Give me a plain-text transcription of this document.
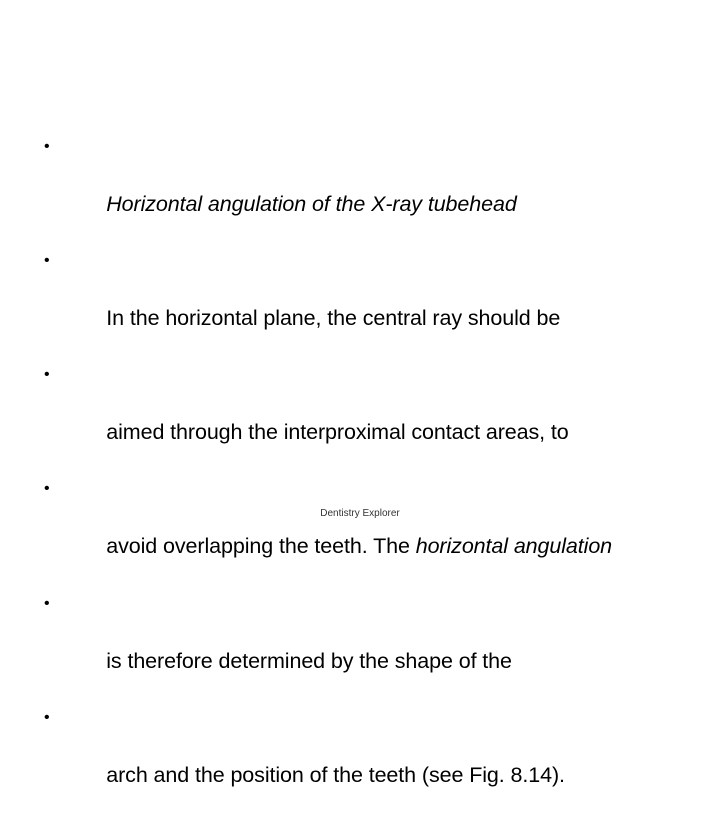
•

Horizontal angulation of the X-ray tubehead

•

In the horizontal plane, the central ray should be

•

aimed through the interproximal contact areas, to

•

avoid overlapping the teeth. The horizontal angulation

•

is therefore determined by the shape of the

•

arch and the position of the teeth (see Fig. 8.14).

Dentistry Explorer
